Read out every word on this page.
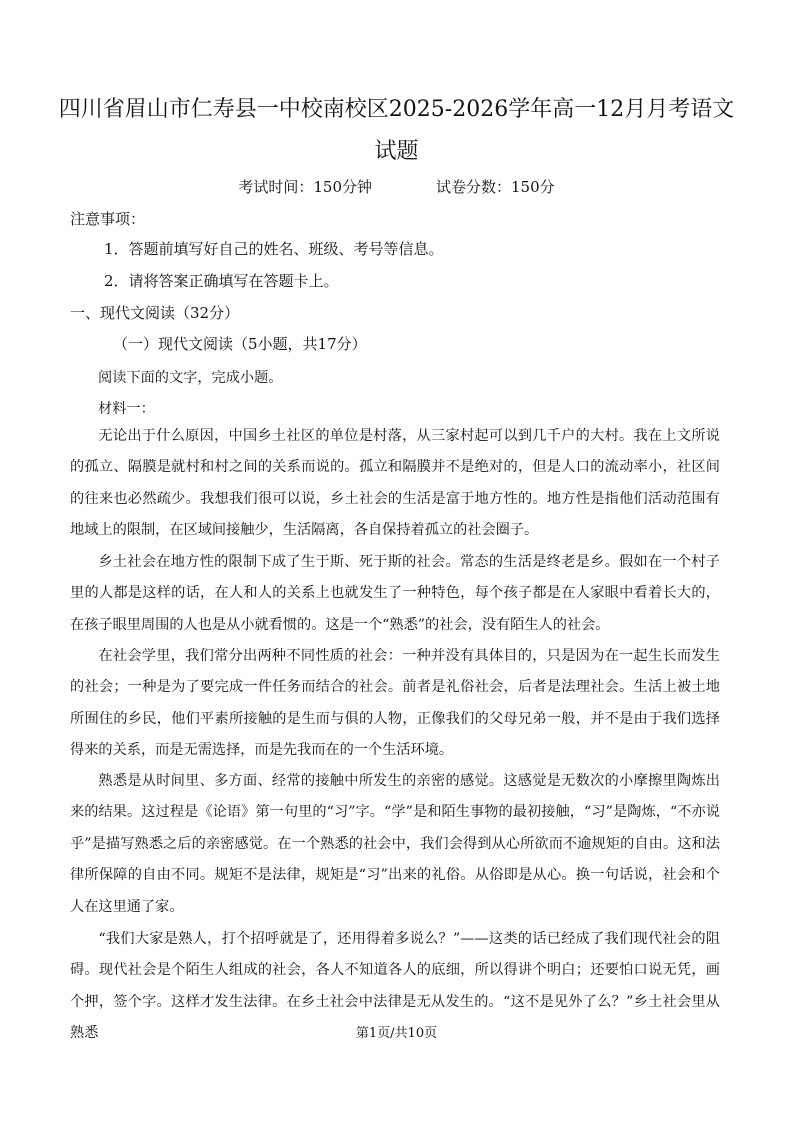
四川省眉山市仁寿县一中校南校区2025-2026学年高一12月月考语文
试题
考试时间：150分钟	试卷分数：150分
注意事项：
1．答题前填写好自己的姓名、班级、考号等信息。
2．请将答案正确填写在答题卡上。
一、现代文阅读（32分）
（一）现代文阅读（5小题，共17分）
阅读下面的文字，完成小题。
材料一：

无论出于什么原因，中国乡土社区的单位是村落，从三家村起可以到几千户的大村。我在上文所说的孤立、隔膜是就村和村之间的关系而说的。孤立和隔膜并不是绝对的，但是人口的流动率小，社区间的往来也必然疏少。我想我们很可以说，乡土社会的生活是富于地方性的。地方性是指他们活动范围有地域上的限制，在区域间接触少，生活隔离，各自保持着孤立的社会圈子。

乡土社会在地方性的限制下成了生于斯、死于斯的社会。常态的生活是终老是乡。假如在一个村子里的人都是这样的话，在人和人的关系上也就发生了一种特色，每个孩子都是在人家眼中看着长大的，在孩子眼里周围的人也是从小就看惯的。这是一个“熟悉”的社会，没有陌生人的社会。

在社会学里，我们常分出两种不同性质的社会：一种并没有具体目的，只是因为在一起生长而发生的社会；一种是为了要完成一件任务而结合的社会。前者是礼俗社会，后者是法理社会。生活上被土地所囿住的乡民，他们平素所接触的是生而与俱的人物，正像我们的父母兄弟一般，并不是由于我们选择得来的关系，而是无需选择，而是先我而在的一个生活环境。

熟悉是从时间里、多方面、经常的接触中所发生的亲密的感觉。这感觉是无数次的小摩擦里陶炼出来的结果。这过程是《论语》第一句里的“习”字。“学”是和陌生事物的最初接触，“习”是陶炼，“不亦说乎”是描写熟悉之后的亲密感觉。在一个熟悉的社会中，我们会得到从心所欲而不逾规矩的自由。这和法律所保障的自由不同。规矩不是法律，规矩是“习”出来的礼俗。从俗即是从心。换一句话说，社会和个人在这里通了家。

“我们大家是熟人，打个招呼就是了，还用得着多说么？”——这类的话已经成了我们现代社会的阻碍。现代社会是个陌生人组成的社会，各人不知道各人的底细，所以得讲个明白；还要怕口说无凭，画个押，签个字。这样才发生法律。在乡土社会中法律是无从发生的。“这不是见外了么？”乡土社会里从熟悉	第1页/共10页
